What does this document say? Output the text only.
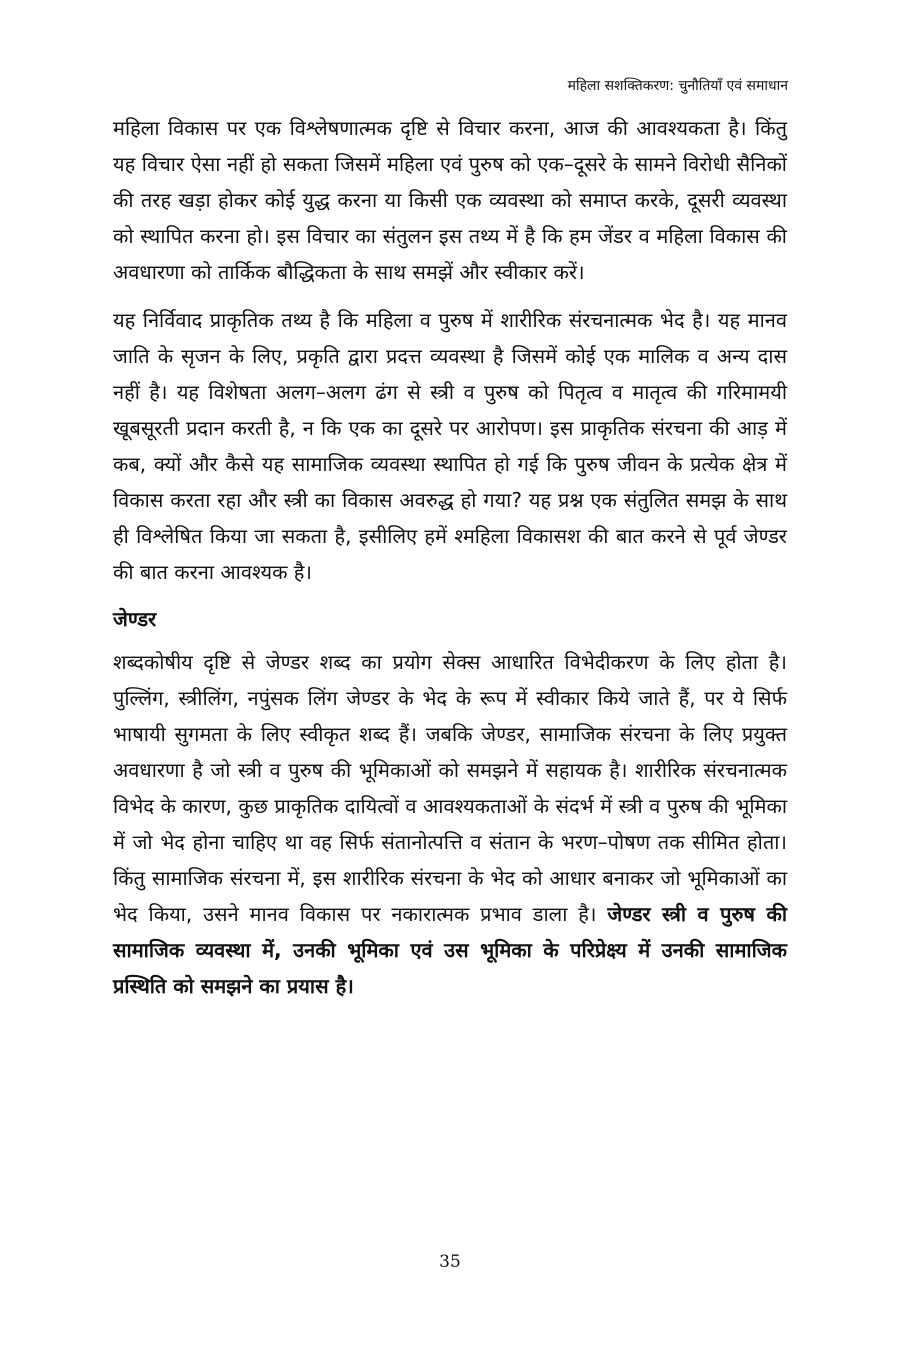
महिला सशक्तिकरण: चुनौतियाँ एवं समाधान

महिला विकास पर एक विश्लेषणात्मक दृष्टि से विचार करना, आज की आवश्यकता है। किंतु यह विचार ऐसा नहीं हो सकता जिसमें महिला एवं पुरुष को एक–दूसरे के सामने विरोधी सैनिकों की तरह खड़ा होकर कोई युद्ध करना या किसी एक व्यवस्था को समाप्त करके, दूसरी व्यवस्था को स्थापित करना हो। इस विचार का संतुलन इस तथ्य में है कि हम जेंडर व महिला विकास की अवधारणा को तार्किक बौद्धिकता के साथ समझें और स्वीकार करें।

यह निर्विवाद प्राकृतिक तथ्य है कि महिला व पुरुष में शारीरिक संरचनात्मक भेद है। यह मानव जाति के सृजन के लिए, प्रकृति द्वारा प्रदत्त व्यवस्था है जिसमें कोई एक मालिक व अन्य दास नहीं है। यह विशेषता अलग–अलग ढंग से स्त्री व पुरुष को पितृत्व व मातृत्व की गरिमामयी खूबसूरती प्रदान करती है, न कि एक का दूसरे पर आरोपण। इस प्राकृतिक संरचना की आड़ में कब, क्यों और कैसे यह सामाजिक व्यवस्था स्थापित हो गई कि पुरुष जीवन के प्रत्येक क्षेत्र में विकास करता रहा और स्त्री का विकास अवरुद्ध हो गया? यह प्रश्न एक संतुलित समझ के साथ ही विश्लेषित किया जा सकता है, इसीलिए हमें श्महिला विकासश की बात करने से पूर्व जेण्डर की बात करना आवश्यक है।

जेण्डर

शब्दकोषीय दृष्टि से जेण्डर शब्द का प्रयोग सेक्स आधारित विभेदीकरण के लिए होता है। पुल्लिंग, स्त्रीलिंग, नपुंसक लिंग जेण्डर के भेद के रूप में स्वीकार किये जाते हैं, पर ये सिर्फ भाषायी सुगमता के लिए स्वीकृत शब्द हैं। जबकि जेण्डर, सामाजिक संरचना के लिए प्रयुक्त अवधारणा है जो स्त्री व पुरुष की भूमिकाओं को समझने में सहायक है। शारीरिक संरचनात्मक विभेद के कारण, कुछ प्राकृतिक दायित्वों व आवश्यकताओं के संदर्भ में स्त्री व पुरुष की भूमिका में जो भेद होना चाहिए था वह सिर्फ संतानोत्पत्ति व संतान के भरण–पोषण तक सीमित होता। किंतु सामाजिक संरचना में, इस शारीरिक संरचना के भेद को आधार बनाकर जो भूमिकाओं का भेद किया, उसने मानव विकास पर नकारात्मक प्रभाव डाला है। जेण्डर स्त्री व पुरुष की सामाजिक व्यवस्था में, उनकी भूमिका एवं उस भूमिका के परिप्रेक्ष्य में उनकी सामाजिक प्रस्थिति को समझने का प्रयास है।

35
